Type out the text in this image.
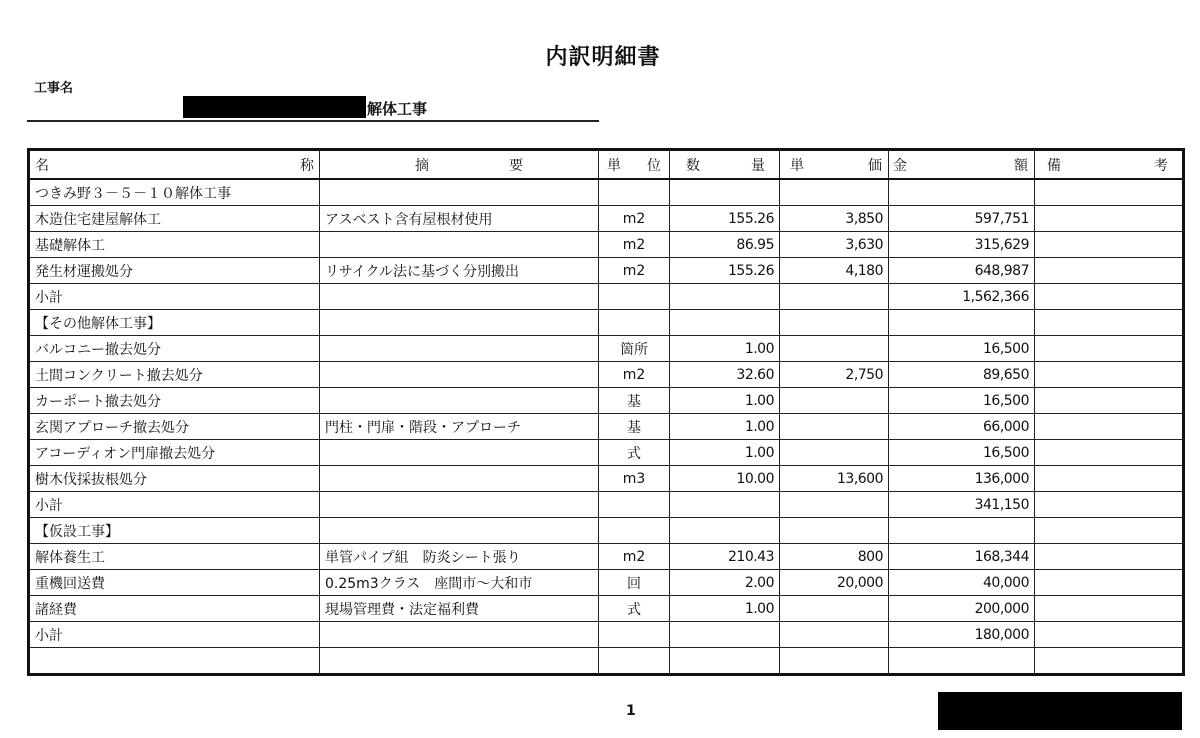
内訳明細書
工事名
解体工事
名 称	摘 要	単 位	数 量	単 価	金 額	備 考

つきみ野３－５－１０解体工事						
木造住宅建屋解体工	アスベスト含有屋根材使用	m2	155.26	3,850	597,751	
基礎解体工		m2	86.95	3,630	315,629	
発生材運搬処分	リサイクル法に基づく分別搬出	m2	155.26	4,180	648,987	
小計					1,562,366	
【その他解体工事】						
バルコニー撤去処分		箇所	1.00		16,500	
土間コンクリート撤去処分		m2	32.60	2,750	89,650	
カーポート撤去処分		基	1.00		16,500	
玄関アプローチ撤去処分	門柱・門扉・階段・アプローチ	基	1.00		66,000	
アコーディオン門扉撤去処分		式	1.00		16,500	
樹木伐採抜根処分		m3	10.00	13,600	136,000	
小計					341,150	
【仮設工事】						
解体養生工	単管パイプ組　防炎シート張り	m2	210.43	800	168,344	
重機回送費	0.25m3クラス　座間市～大和市	回	2.00	20,000	40,000	
諸経費	現場管理費・法定福利費	式	1.00		200,000	
小計					180,000	

1
